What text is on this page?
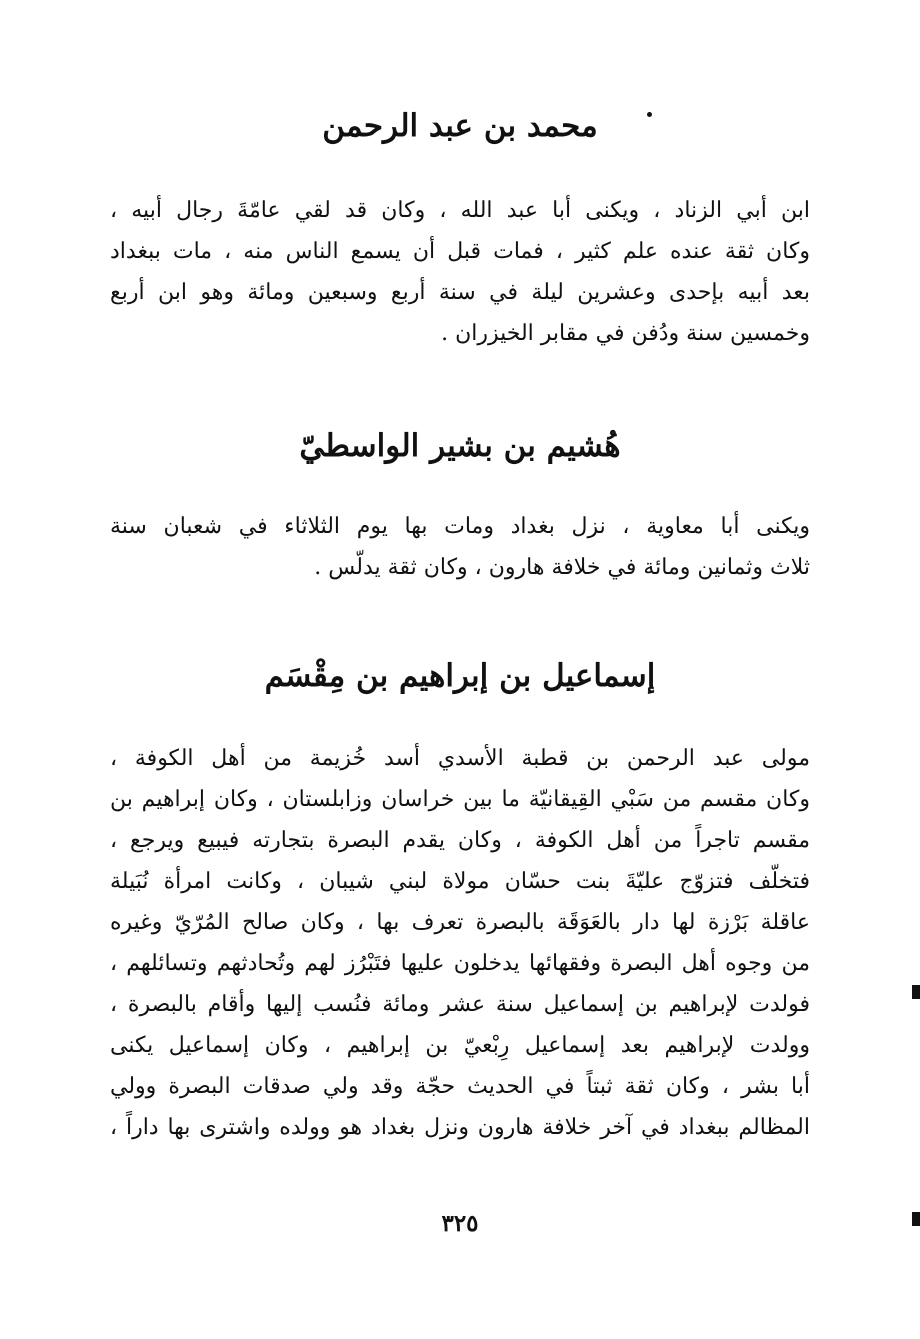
محمد بن عبد الرحمن
ابن أبي الزناد ، ويكنى أبا عبد الله ، وكان قد لقي عامّةَ رجال أبيه ،
وكان ثقة عنده علم كثير ، فمات قبل أن يسمع الناس منه ، مات ببغداد
بعد أبيه بإحدى وعشرين ليلة في سنة أربع وسبعين ومائة وهو ابن أربع
وخمسين سنة ودُفن في مقابر الخيزران .
هُشيم بن بشير الواسطيّ
ويكنى أبا معاوية ، نزل بغداد ومات بها يوم الثلاثاء في شعبان سنة
ثلاث وثمانين ومائة في خلافة هارون ، وكان ثقة يدلّس .
إسماعيل بن إبراهيم بن مِقْسَم
مولى عبد الرحمن بن قطبة الأسدي أسد خُزيمة من أهل الكوفة ،
وكان مقسم من سَبْي القِيقانيّة ما بين خراسان وزابلستان ، وكان إبراهيم بن
مقسم تاجراً من أهل الكوفة ، وكان يقدم البصرة بتجارته فيبيع ويرجع ،
فتخلّف فتزوّج عليّةَ بنت حسّان مولاة لبني شيبان ، وكانت امرأة نُبَيلة
عاقلة بَرْزة لها دار بالعَوَقَة بالبصرة تعرف بها ، وكان صالح المُرّيّ وغيره
من وجوه أهل البصرة وفقهائها يدخلون عليها فتَبْرُز لهم وتُحادثهم وتسائلهم ،
فولدت لإبراهيم بن إسماعيل سنة عشر ومائة فنُسب إليها وأقام بالبصرة ،
وولدت لإبراهيم بعد إسماعيل رِبْعيّ بن إبراهيم ، وكان إسماعيل يكنى
أبا بشر ، وكان ثقة ثبتاً في الحديث حجّة وقد ولي صدقات البصرة وولي
المظالم ببغداد في آخر خلافة هارون ونزل بغداد هو وولده واشترى بها داراً ،
٣٢٥
